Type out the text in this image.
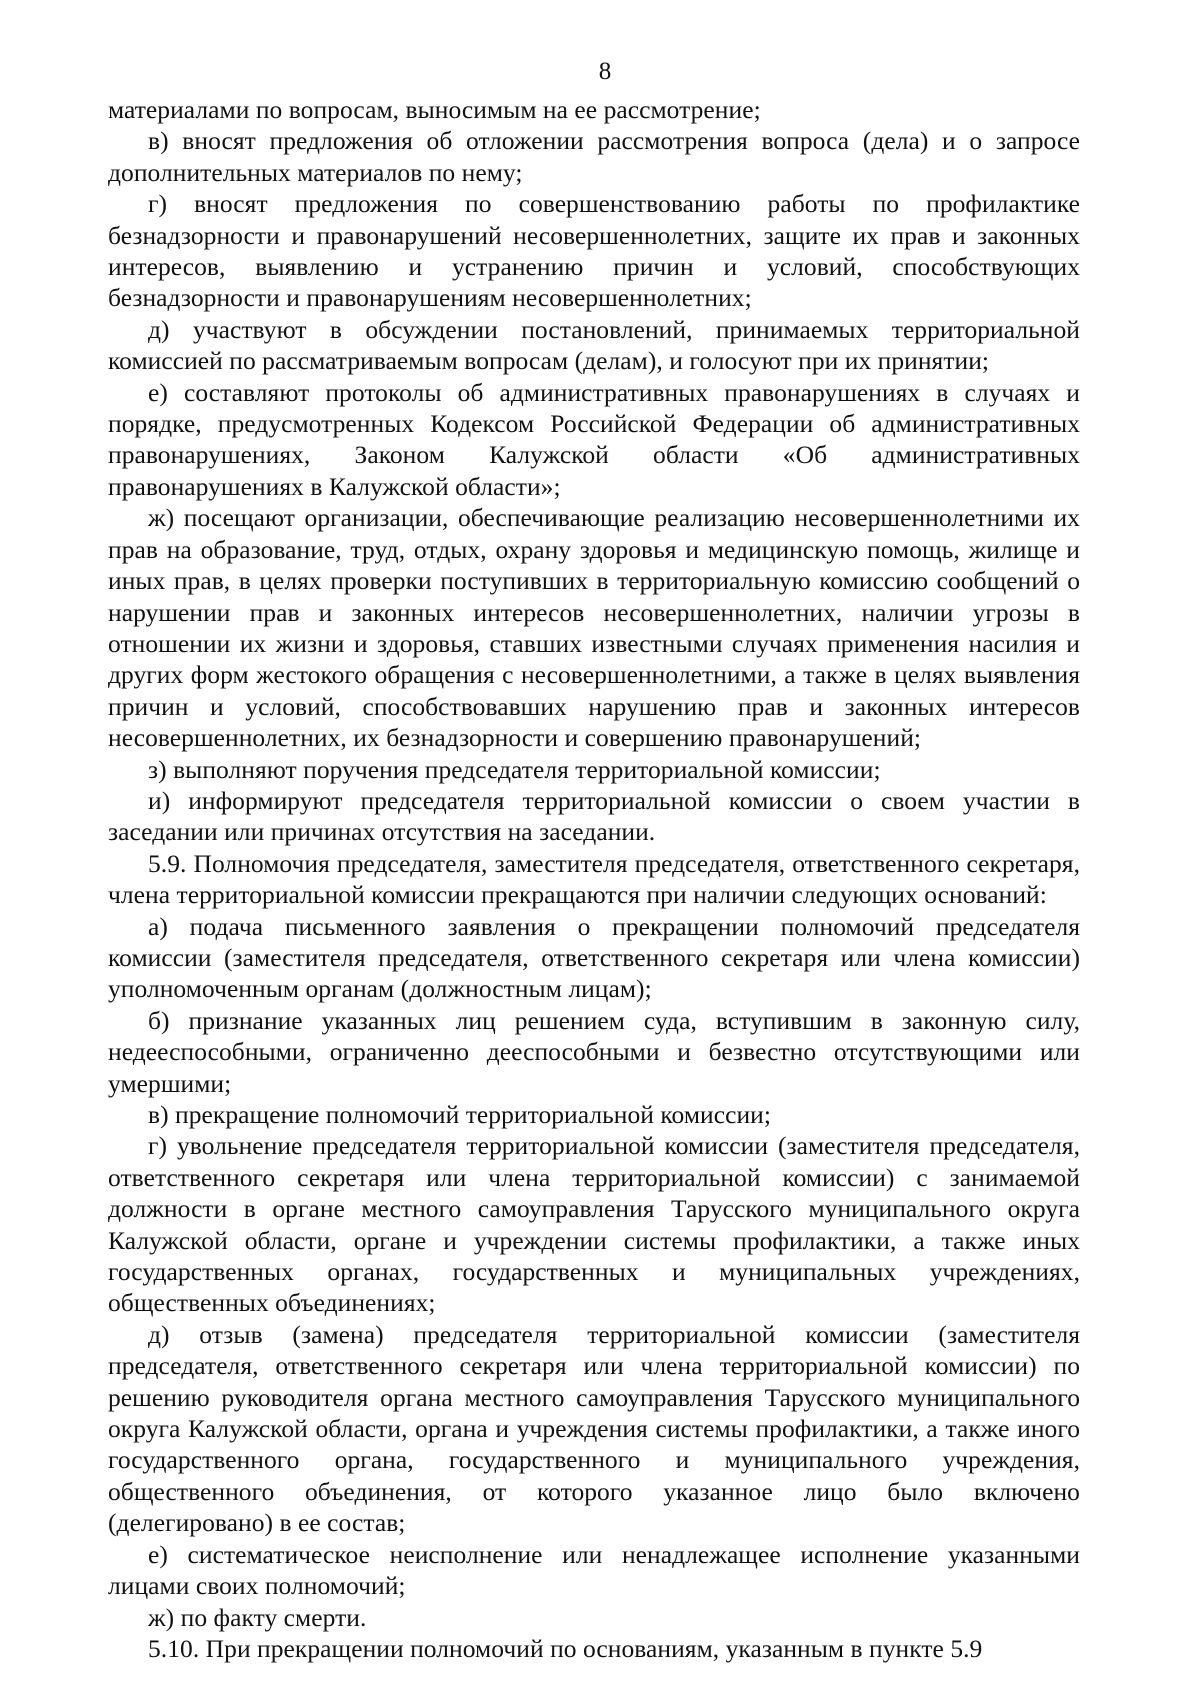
8

материалами по вопросам, выносимым на ее рассмотрение;

в) вносят предложения об отложении рассмотрения вопроса (дела) и о запросе дополнительных материалов по нему;

г) вносят предложения по совершенствованию работы по профилактике безнадзорности и правонарушений несовершеннолетних, защите их прав и законных интересов, выявлению и устранению причин и условий, способствующих безнадзорности и правонарушениям несовершеннолетних;

д) участвуют в обсуждении постановлений, принимаемых территориальной комиссией по рассматриваемым вопросам (делам), и голосуют при их принятии;

е) составляют протоколы об административных правонарушениях в случаях и порядке, предусмотренных Кодексом Российской Федерации об административных правонарушениях, Законом Калужской области «Об административных правонарушениях в Калужской области»;

ж) посещают организации, обеспечивающие реализацию несовершеннолетними их прав на образование, труд, отдых, охрану здоровья и медицинскую помощь, жилище и иных прав, в целях проверки поступивших в территориальную комиссию сообщений о нарушении прав и законных интересов несовершеннолетних, наличии угрозы в отношении их жизни и здоровья, ставших известными случаях применения насилия и других форм жестокого обращения с несовершеннолетними, а также в целях выявления причин и условий, способствовавших нарушению прав и законных интересов несовершеннолетних, их безнадзорности и совершению правонарушений;

з) выполняют поручения председателя территориальной комиссии;

и) информируют председателя территориальной комиссии о своем участии в заседании или причинах отсутствия на заседании.

5.9. Полномочия председателя, заместителя председателя, ответственного секретаря, члена территориальной комиссии прекращаются при наличии следующих оснований:

а) подача письменного заявления о прекращении полномочий председателя комиссии (заместителя председателя, ответственного секретаря или члена комиссии) уполномоченным органам (должностным лицам);

б) признание указанных лиц решением суда, вступившим в законную силу, недееспособными, ограниченно дееспособными и безвестно отсутствующими или умершими;

в) прекращение полномочий территориальной комиссии;

г) увольнение председателя территориальной комиссии (заместителя председателя, ответственного секретаря или члена территориальной комиссии) с занимаемой должности в органе местного самоуправления Тарусского муниципального округа Калужской области, органе и учреждении системы профилактики, а также иных государственных органах, государственных и муниципальных учреждениях, общественных объединениях;

д) отзыв (замена) председателя территориальной комиссии (заместителя председателя, ответственного секретаря или члена территориальной комиссии) по решению руководителя органа местного самоуправления Тарусского муниципального округа Калужской области, органа и учреждения системы профилактики, а также иного государственного органа, государственного и муниципального учреждения, общественного объединения, от которого указанное лицо было включено (делегировано) в ее состав;

е) систематическое неисполнение или ненадлежащее исполнение указанными лицами своих полномочий;

ж) по факту смерти.

5.10. При прекращении полномочий по основаниям, указанным в пункте 5.9
